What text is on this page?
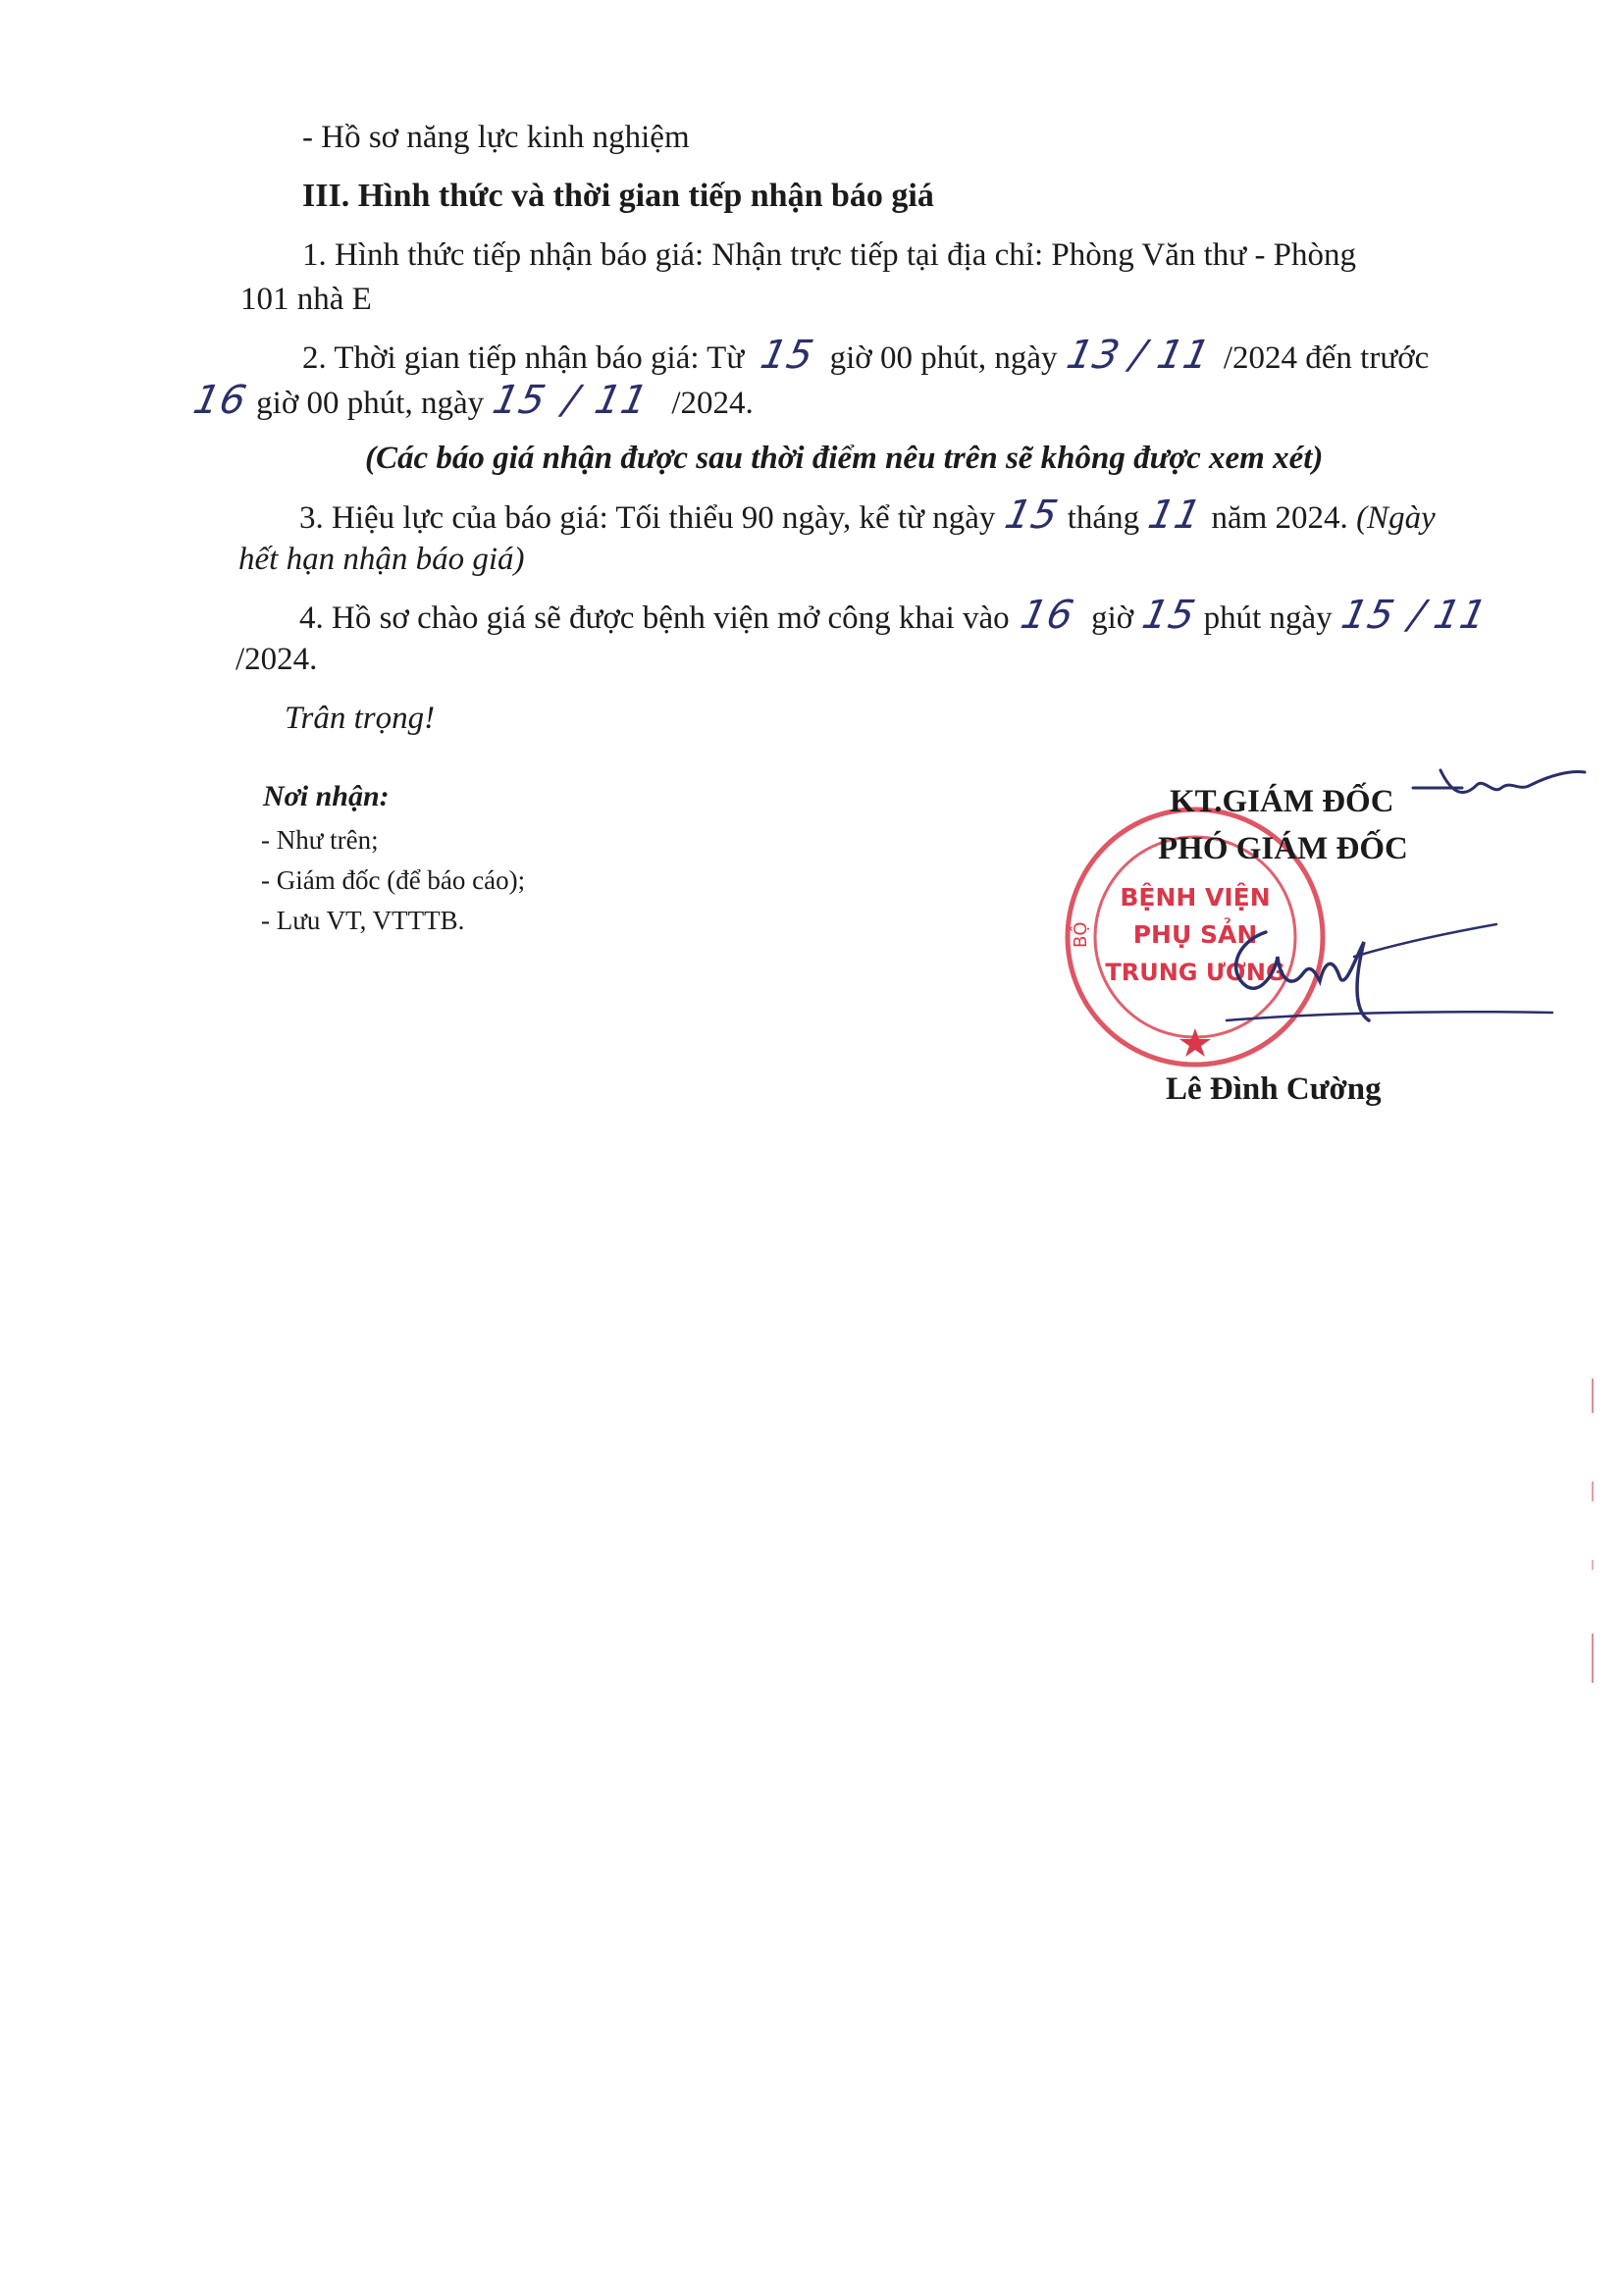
- Hồ sơ năng lực kinh nghiệm
III. Hình thức và thời gian tiếp nhận báo giá
1. Hình thức tiếp nhận báo giá: Nhận trực tiếp tại địa chỉ: Phòng Văn thư - Phòng
101 nhà E
2. Thời gian tiếp nhận báo giá: Từ 15 giờ 00 phút, ngày 13 / 11 /2024 đến trước
16 giờ 00 phút, ngày 15 / 11 /2024.
(Các báo giá nhận được sau thời điểm nêu trên sẽ không được xem xét)
3. Hiệu lực của báo giá: Tối thiểu 90 ngày, kể từ ngày 15 tháng 11 năm 2024. (Ngày
hết hạn nhận báo giá)
4. Hồ sơ chào giá sẽ được bệnh viện mở công khai vào 16 giờ 15 phút ngày 15 / 11
/2024.
Trân trọng!
Nơi nhận:
- Như trên;
- Giám đốc (để báo cáo);
- Lưu VT, VTTTB.	BỘ
BỆNH VIỆN
PHỤ SẢN
TRUNG ƯƠNG
KT.GIÁM ĐỐC
PHÓ GIÁM ĐỐC
Lê Đình Cường
